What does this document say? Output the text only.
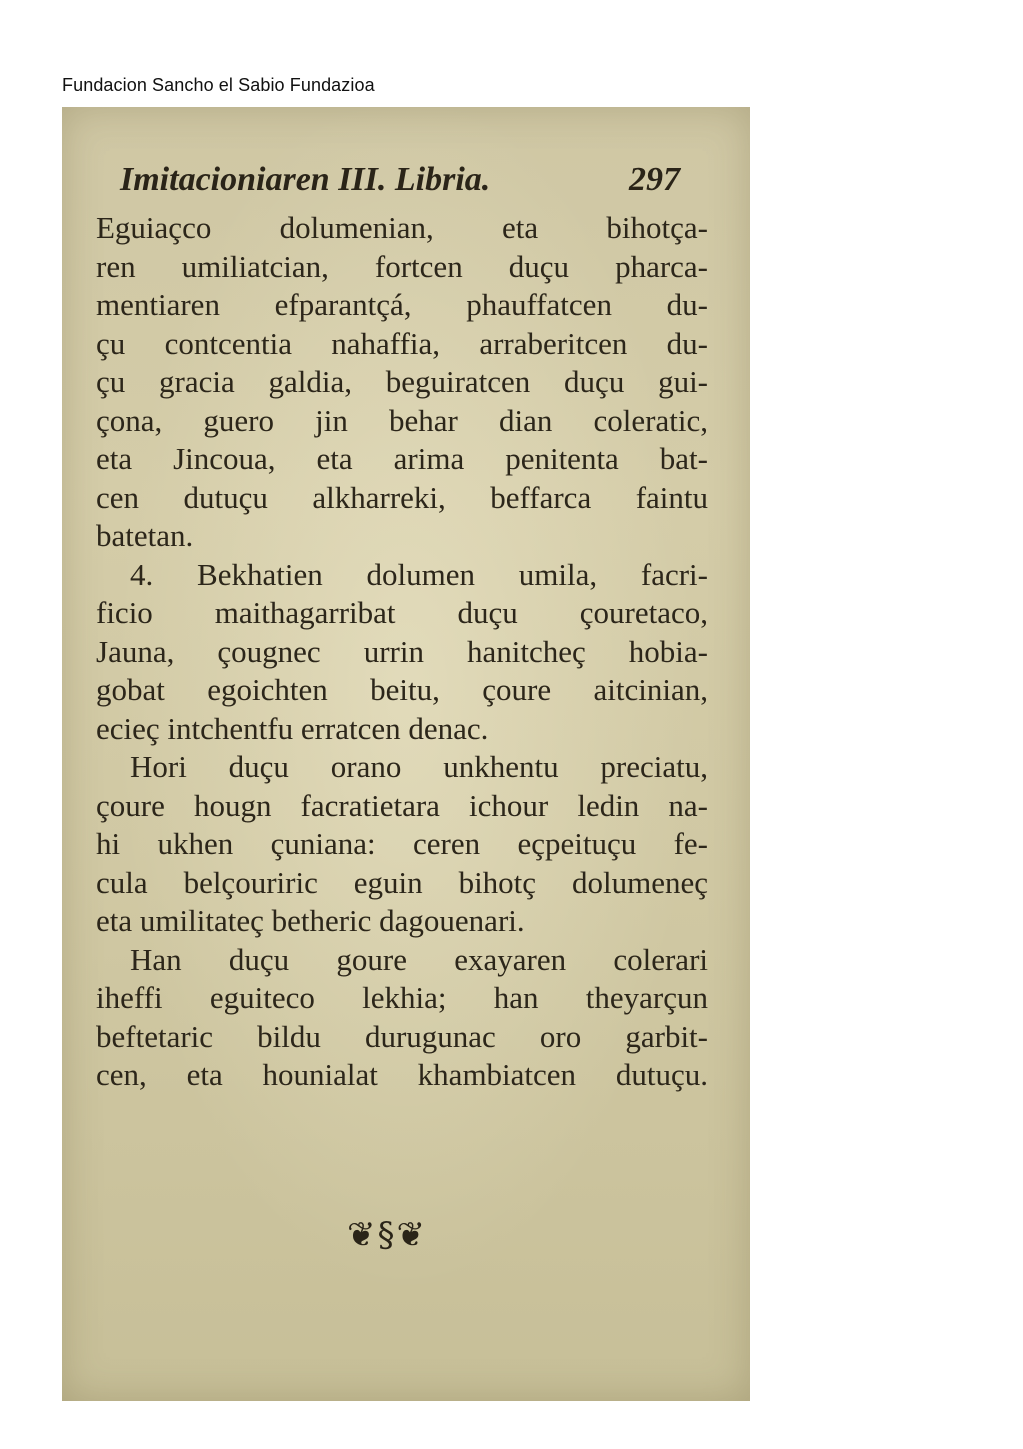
Fundacion Sancho el Sabio Fundazioa
Imitacioniaren III. Libria.	297
Eguiaçco dolumenian, eta bihotça-
ren umiliatcian, fortcen duçu pharca-
mentiaren efparantçá, phauffatcen du-
çu contcentia nahaffia, arraberitcen du-
çu gracia galdia, beguiratcen duçu gui-
çona, guero jin behar dian coleratic,
eta Jincoua, eta arima penitenta bat-
cen dutuçu alkharreki, beffarca faintu
batetan.
4. Bekhatien dolumen umila, facri-
ficio maithagarribat duçu çouretaco,
Jauna, çougnec urrin hanitcheç hobia-
gobat egoichten beitu, çoure aitcinian,
ecieç intchentfu erratcen denac.
Hori duçu orano unkhentu preciatu,
çoure hougn facratietara ichour ledin na-
hi ukhen çuniana: ceren eçpeituçu fe-
cula belçouriric eguin bihotç dolumeneç
eta umilitateç betheric dagouenari.
Han duçu goure exayaren colerari
iheffi eguiteco lekhia; han theyarçun
beftetaric bildu durugunac oro garbit-
cen, eta hounialat khambiatcen dutuçu.
❦§❦
